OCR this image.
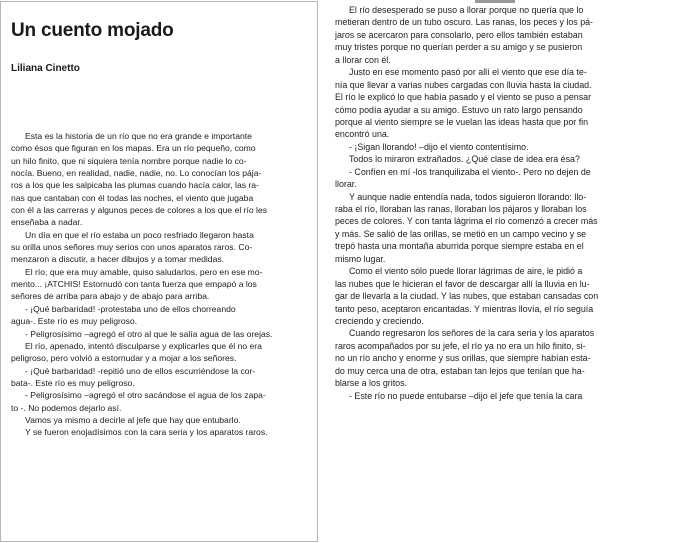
Un cuento mojado
Liliana Cinetto
Esta es la historia de un río que no era grande e importante
como ésos que figuran en los mapas. Era un río pequeño, como
un hilo finito, que ni siquiera tenía nombre porque nadie lo co-
nocía. Bueno, en realidad, nadie, nadie, no. Lo conocían los pája-
ros a los que les salpicaba las plumas cuando hacía calor, las ra-
nas que cantaban con él todas las noches, el viento que jugaba
con él a las carreras y algunos peces de colores a los que el río les
enseñaba a nadar.
Un día en que el río estaba un poco resfriado llegaron hasta
su orilla unos señores muy serios con unos aparatos raros. Co-
menzaron a discutir, a hacer dibujos y a tomar medidas.
El río, que era muy amable, quiso saludarlos, pero en ese mo-
mento... ¡ATCHIS! Estornudó con tanta fuerza que empapó a los
señores de arriba para abajo y de abajo para arriba.
- ¡Qué barbaridad! -protestaba uno de ellos chorreando
agua-. Este río es muy peligroso.
- Peligrosísimo –agregó el otro al que le salía agua de las orejas.
El río, apenado, intentó disculparse y explicarles que él no era
peligroso, pero volvió a estornudar y a mojar a los señores.
- ¡Qué barbaridad! -repitió uno de ellos escurriéndose la cor-
bata-. Este río es muy peligroso.
- Peligrosísimo –agregó el otro sacándose el agua de los zapa-
to -. No podemos dejarlo así.
Vamos ya mismo a decirle al jefe que hay que entubarlo.
Y se fueron enojadísimos con la cara seria y los aparatos raros.
El río desesperado se puso a llorar porque no quería que lo
metieran dentro de un tubo oscuro. Las ranas, los peces y los pá-
jaros se acercaron para consolarlo, pero ellos también estaban
muy tristes porque no querían perder a su amigo y se pusieron
a llorar con él.
Justo en ese momento pasó por allí el viento que ese día te-
nía que llevar a varias nubes cargadas con lluvia hasta la ciudad.
El río le explicó lo que había pasado y el viento se puso a pensar
cómo podía ayudar a su amigo. Estuvo un rato largo pensando
porque al viento siempre se le vuelan las ideas hasta que por fin
encontró una.
- ¡Sigan llorando! –dijo el viento contentísimo.
Todos lo miraron extrañados. ¿Qué clase de idea era ésa?
- Confíen en mí -los tranquilizaba el viento-. Pero no dejen de
llorar.
Y aunque nadie entendía nada, todos siguieron llorando: llo-
raba el río, lloraban las ranas, lloraban los pájaros y lloraban los
peces de colores. Y con tanta lágrima el río comenzó a crecer más
y más. Se salió de las orillas, se metió en un campo vecino y se
trepó hasta una montaña aburrida porque siempre estaba en el
mismo lugar.
Como el viento sólo puede llorar lágrimas de aire, le pidió a
las nubes que le hicieran el favor de descargar allí la lluvia en lu-
gar de llevarla a la ciudad. Y las nubes, que estaban cansadas con
tanto peso, aceptaron encantadas. Y mientras llovía, el río seguía
creciendo y creciendo.
Cuando regresaron los señores de la cara seria y los aparatos
raros acompañados por su jefe, el río ya no era un hilo finito, si-
no un río ancho y enorme y sus orillas, que siempre habían esta-
do muy cerca una de otra, estaban tan lejos que tenían que ha-
blarse a los gritos.
- Este río no puede entubarse –dijo el jefe que tenía la cara
